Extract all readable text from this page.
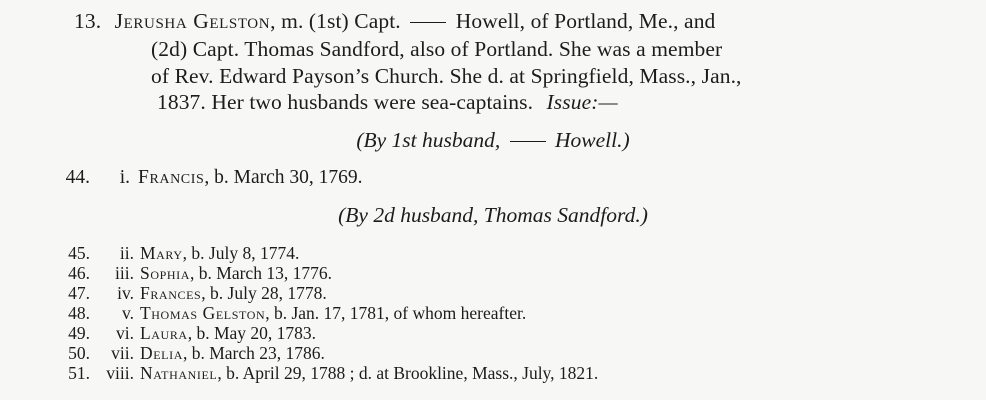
13. Jerusha Gelston, m. (1st) Capt.	Howell, of Portland, Me., and
(2d) Capt. Thomas Sandford, also of Portland. She was a member
of Rev. Edward Payson’s Church. She d. at Springfield, Mass., Jan.,
1837. Her two husbands were sea-captains. Issue:—
(By 1st husband,	Howell.)
44. i. Francis, b. March 30, 1769.
(By 2d husband, Thomas Sandford.)
45. ii. Mary, b. July 8, 1774.
46. iii. Sophia, b. March 13, 1776.
47. iv. Frances, b. July 28, 1778.
48. v. Thomas Gelston, b. Jan. 17, 1781, of whom hereafter.
49. vi. Laura, b. May 20, 1783.
50. vii. Delia, b. March 23, 1786.
51. viii. Nathaniel, b. April 29, 1788 ; d. at Brookline, Mass., July, 1821.
